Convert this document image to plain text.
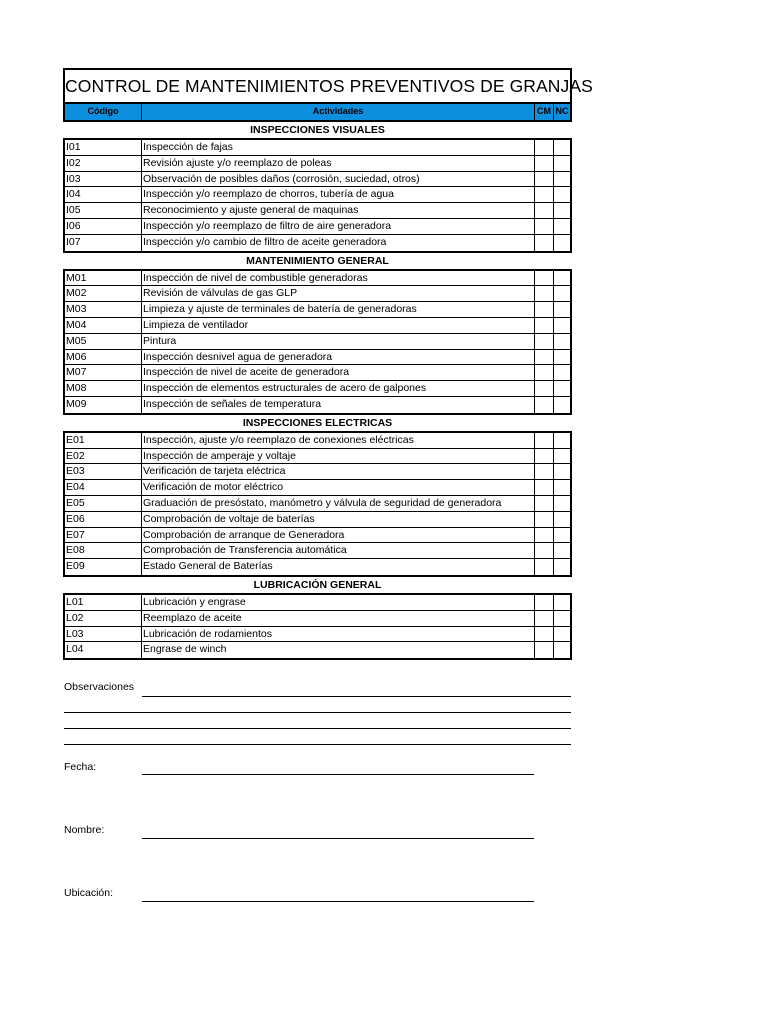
CONTROL DE MANTENIMIENTOS PREVENTIVOS DE GRANJAS
Código	Actividades	CM NC
INSPECCIONES VISUALES
I01	Inspección de fajas
I02	Revisión ajuste y/o reemplazo de poleas
I03	Observación de posibles daños (corrosión, suciedad, otros)
I04	Inspección y/o reemplazo de chorros, tubería de agua
I05	Reconocimiento y ajuste general de maquinas
I06	Inspección y/o reemplazo de filtro de aire generadora
I07	Inspección y/o cambio de filtro de aceite generadora
MANTENIMIENTO GENERAL
M01	Inspección de nivel de combustible generadoras
M02	Revisión de válvulas de gas GLP
M03	Limpieza y ajuste de terminales de batería de generadoras
M04	Limpieza de ventilador
M05	Pintura
M06	Inspección desnivel agua de generadora
M07	Inspección de nivel de aceite de generadora
M08	Inspección de elementos estructurales de acero de galpones
M09	Inspección de señales de temperatura
INSPECCIONES ELECTRICAS
E01	Inspección, ajuste y/o reemplazo de conexiones eléctricas
E02	Inspección de amperaje y voltaje
E03	Verificación de tarjeta eléctrica
E04	Verificación de motor eléctrico
E05	Graduación de presóstato, manómetro y válvula de seguridad de generadora
E06	Comprobación de voltaje de baterías
E07	Comprobación de arranque de Generadora
E08	Comprobación de Transferencia automática
E09	Estado General de Baterías
LUBRICACIÓN GENERAL
L01	Lubricación y engrase
L02	Reemplazo de aceite
L03	Lubricación de rodamientos
L04	Engrase de winch
Observaciones
Fecha:
Nombre:
Ubicación:
